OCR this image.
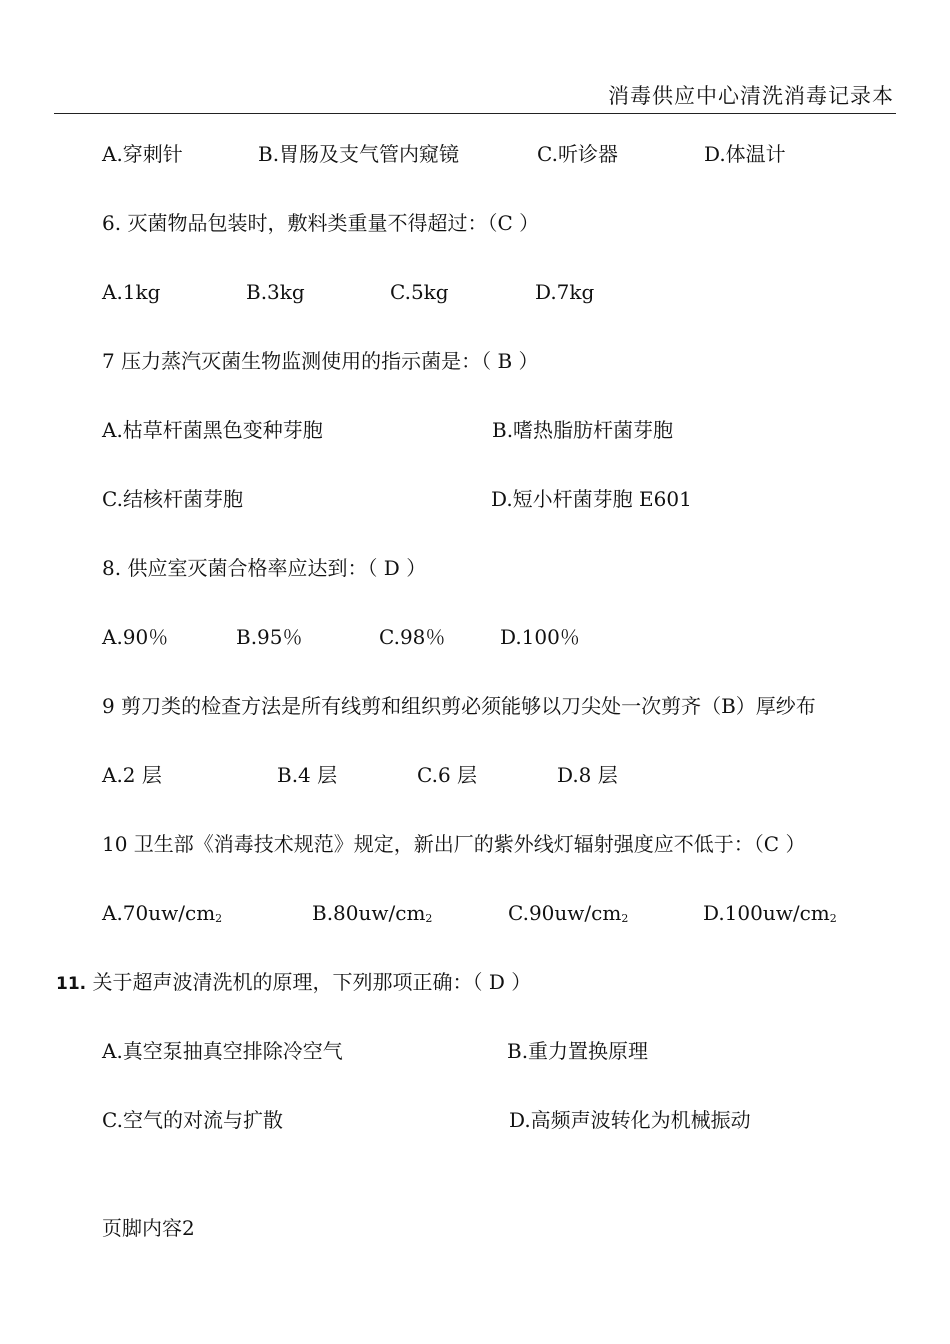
消毒供应中心清洗消毒记录本
A.穿刺针	B.胃肠及支气管内窥镜	C.听诊器	D.体温计
6. 灭菌物品包装时，敷料类重量不得超过：（C ）
A.1kg	B.3kg	C.5kg	D.7kg
7 压力蒸汽灭菌生物监测使用的指示菌是：（ B ）
A.枯草杆菌黑色变种芽胞	B.嗜热脂肪杆菌芽胞
C.结核杆菌芽胞	D.短小杆菌芽胞 E601
8. 供应室灭菌合格率应达到：（ D ）
A.90％	B.95％	C.98％	D.100％
9 剪刀类的检查方法是所有线剪和组织剪必须能够以刀尖处一次剪齐（B）厚纱布
A.2 层	B.4 层	C.6 层	D.8 层
10 卫生部《消毒技术规范》规定，新出厂的紫外线灯辐射强度应不低于：（C ）
$A.70uw/cm_2$	$B.80uw/cm_2$	$C.90uw/cm_2$	$D.100uw/cm_2$
11. 关于超声波清洗机的原理，下列那项正确：（ D ）
A.真空泵抽真空排除冷空气	B.重力置换原理
C.空气的对流与扩散	D.高频声波转化为机械振动
页脚内容2
